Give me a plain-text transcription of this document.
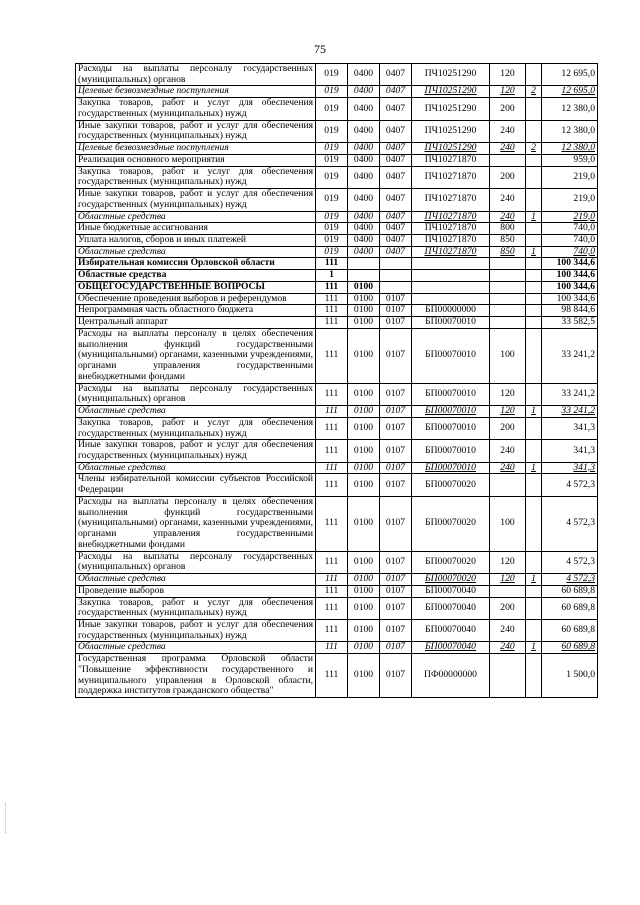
75
Расходы на выплаты персоналу государственных (муниципальных) органов	019	0400	0407	ПЧ10251290	120		12 695,0
Целевые безвозмездные поступления	019	0400	0407	ПЧ10251290	120	2	12 695,0
Закупка товаров, работ и услуг для обеспечения государственных (муниципальных) нужд	019	0400	0407	ПЧ10251290	200		12 380,0
Иные закупки товаров, работ и услуг для обеспечения государственных (муниципальных) нужд	019	0400	0407	ПЧ10251290	240		12 380,0
Целевые безвозмездные поступления	019	0400	0407	ПЧ10251290	240	2	12 380,0
Реализация основного мероприятия	019	0400	0407	ПЧ10271870			959,0
Закупка товаров, работ и услуг для обеспечения государственных (муниципальных) нужд	019	0400	0407	ПЧ10271870	200		219,0
Иные закупки товаров, работ и услуг для обеспечения государственных (муниципальных) нужд	019	0400	0407	ПЧ10271870	240		219,0
Областные средства	019	0400	0407	ПЧ10271870	240	1	219,0
Иные бюджетные ассигнования	019	0400	0407	ПЧ10271870	800		740,0
Уплата налогов, сборов и иных платежей	019	0400	0407	ПЧ10271870	850		740,0
Областные средства	019	0400	0407	ПЧ10271870	850	1	740,0
Избирательная комиссия Орловской области	111						100 344,6
Областные средства	1						100 344,6
ОБЩЕГОСУДАРСТВЕННЫЕ ВОПРОСЫ	111	0100					100 344,6
Обеспечение проведения выборов и референдумов	111	0100	0107				100 344,6
Непрограммная часть областного бюджета	111	0100	0107	БП00000000			98 844,6
Центральный аппарат	111	0100	0107	БП00070010			33 582,5
Расходы на выплаты персоналу в целях обеспечения выполнения функций государственными (муниципальными) органами, казенными учреждениями, органами управления государственными внебюджетными фондами	111	0100	0107	БП00070010	100		33 241,2
Расходы на выплаты персоналу государственных (муниципальных) органов	111	0100	0107	БП00070010	120		33 241,2
Областные средства	111	0100	0107	БП00070010	120	1	33 241,2
Закупка товаров, работ и услуг для обеспечения государственных (муниципальных) нужд	111	0100	0107	БП00070010	200		341,3
Иные закупки товаров, работ и услуг для обеспечения государственных (муниципальных) нужд	111	0100	0107	БП00070010	240		341,3
Областные средства	111	0100	0107	БП00070010	240	1	341,3
Члены избирательной комиссии субъектов Российской Федерации	111	0100	0107	БП00070020			4 572,3
Расходы на выплаты персоналу в целях обеспечения выполнения функций государственными (муниципальными) органами, казенными учреждениями, органами управления государственными внебюджетными фондами	111	0100	0107	БП00070020	100		4 572,3
Расходы на выплаты персоналу государственных (муниципальных) органов	111	0100	0107	БП00070020	120		4 572,3
Областные средства	111	0100	0107	БП00070020	120	1	4 572,3
Проведение выборов	111	0100	0107	БП00070040			60 689,8
Закупка товаров, работ и услуг для обеспечения государственных (муниципальных) нужд	111	0100	0107	БП00070040	200		60 689,8
Иные закупки товаров, работ и услуг для обеспечения государственных (муниципальных) нужд	111	0100	0107	БП00070040	240		60 689,8
Областные средства	111	0100	0107	БП00070040	240	1	60 689,8
Государственная программа Орловской области "Повышение эффективности государственного и муниципального управления в Орловской области, поддержка институтов гражданского общества"	111	0100	0107	ПФ00000000			1 500,0
